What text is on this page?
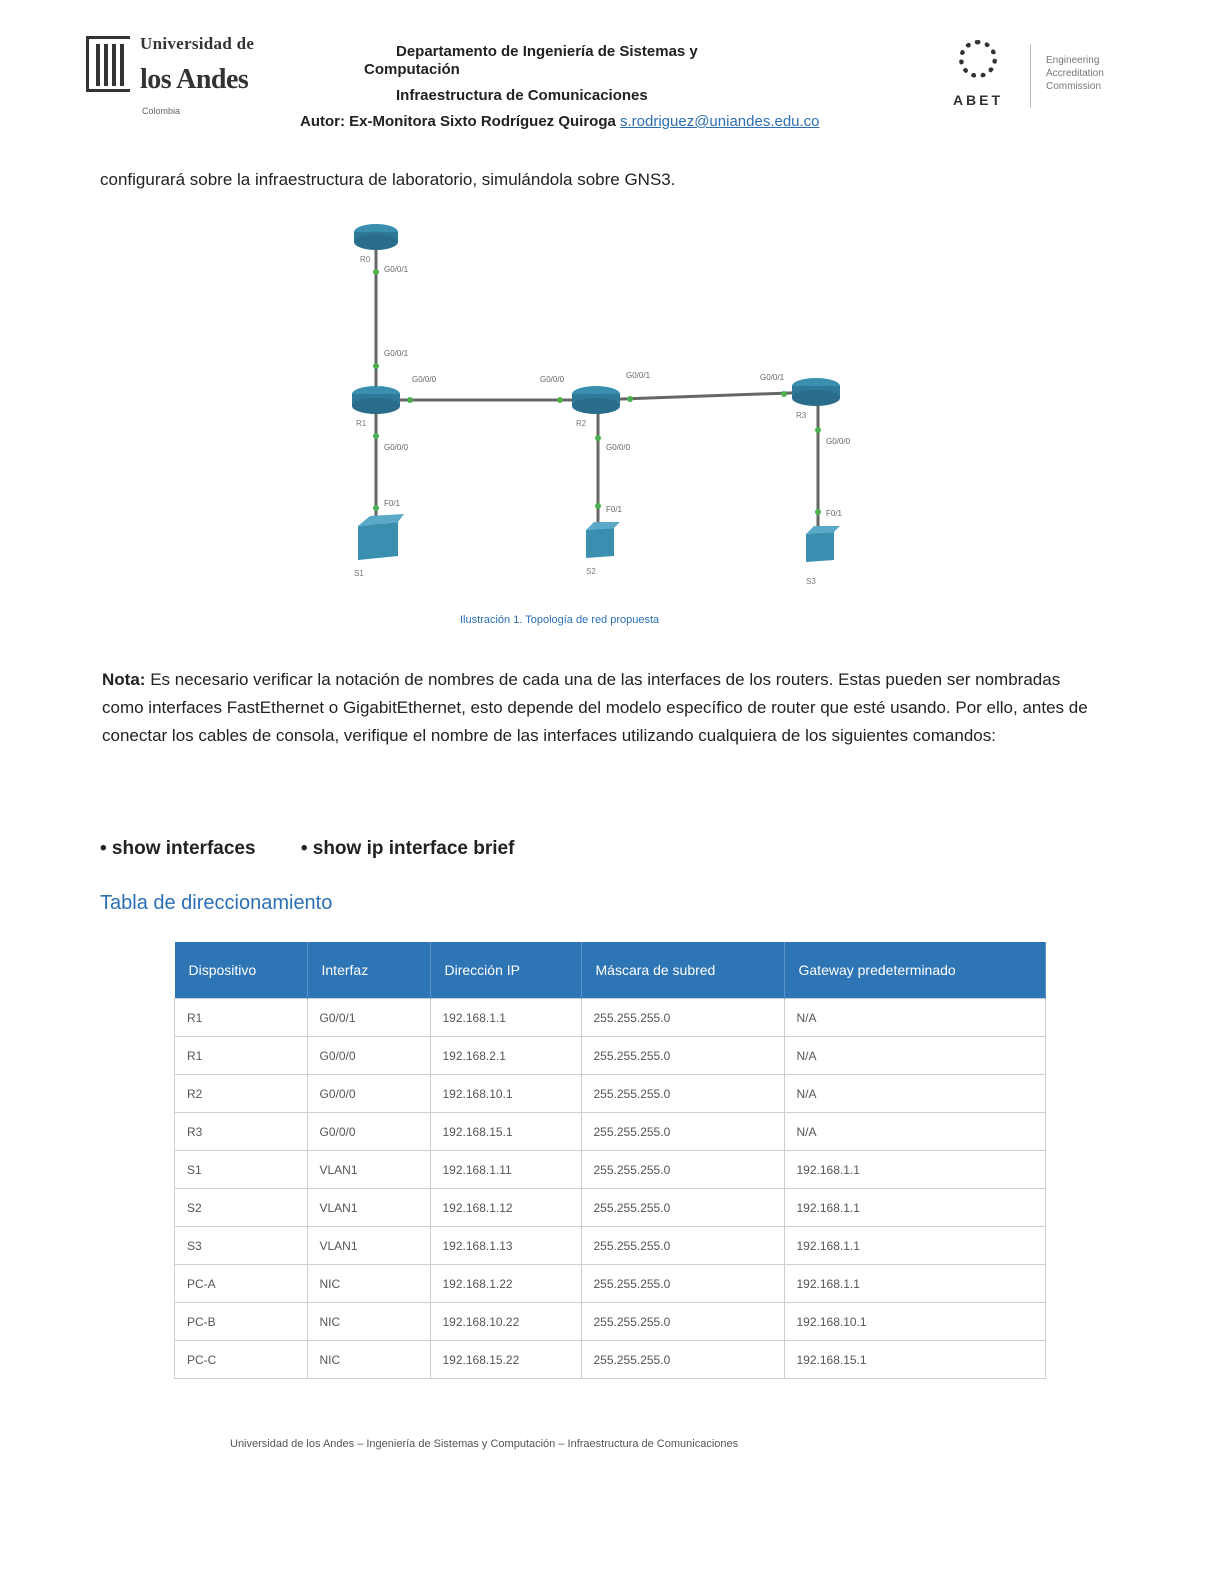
Universidad de
los Andes
Colombia
Departamento de Ingeniería de Sistemas y
Computación
Infraestructura de Comunicaciones
Autor: Ex-Monitora Sixto Rodríguez Quiroga s.rodriguez@uniandes.edu.co
ABET
Engineering
Accreditation
Commission
configurará sobre la infraestructura de laboratorio, simulándola sobre GNS3.
G0/0/1
G0/0/1
G0/0/0	G0/0/0	G0/0/1	G0/0/1
G0/0/0
F0/1
G0/0/0
F0/1
G0/0/0
F0/1
R0
R1	R2
R3
S1	S2
S3
Ilustración 1. Topología de red propuesta
Nota: Es necesario verificar la notación de nombres de cada una de las interfaces de los routers. Estas pueden ser nombradas como interfaces FastEthernet o GigabitEthernet, esto depende del modelo específico de router que esté usando. Por ello, antes de conectar los cables de consola, verifique el nombre de las interfaces utilizando cualquiera de los siguientes comandos:
• show interfaces • show ip interface brief
Tabla de direccionamiento
Dispositivo	Interfaz	Dirección IP	Máscara de subred	Gateway predeterminado
R1	G0/0/1	192.168.1.1	255.255.255.0	N/A
R1	G0/0/0	192.168.2.1	255.255.255.0	N/A
R2	G0/0/0	192.168.10.1	255.255.255.0	N/A
R3	G0/0/0	192.168.15.1	255.255.255.0	N/A
S1	VLAN1	192.168.1.11	255.255.255.0	192.168.1.1
S2	VLAN1	192.168.1.12	255.255.255.0	192.168.1.1
S3	VLAN1	192.168.1.13	255.255.255.0	192.168.1.1
PC-A	NIC	192.168.1.22	255.255.255.0	192.168.1.1
PC-B	NIC	192.168.10.22	255.255.255.0	192.168.10.1
PC-C	NIC	192.168.15.22	255.255.255.0	192.168.15.1
Universidad de los Andes – Ingeniería de Sistemas y Computación – Infraestructura de Comunicaciones
